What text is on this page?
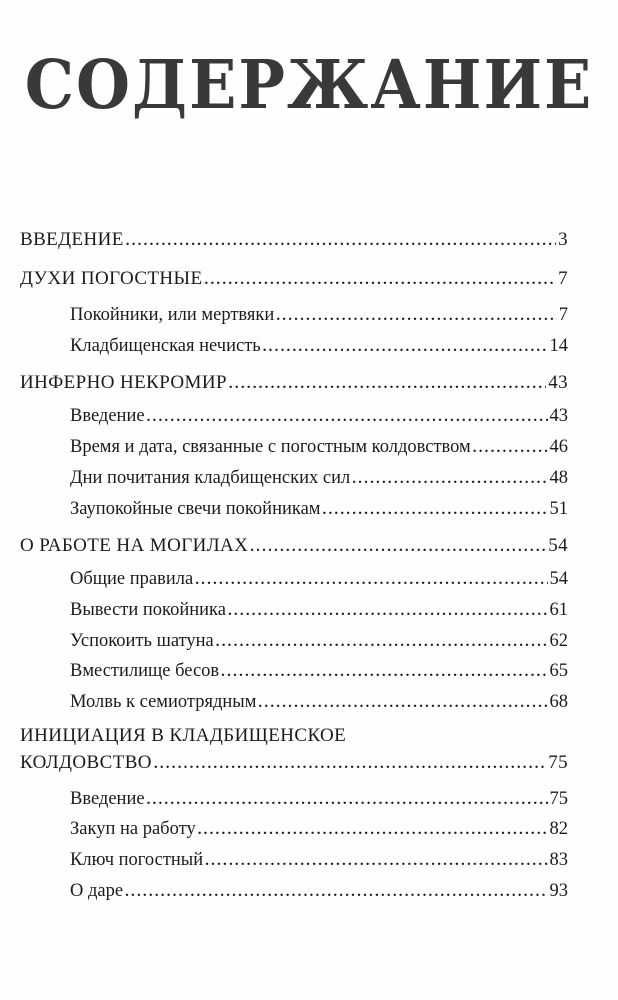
СОДЕРЖАНИЕ
ВВЕДЕНИЕ .....	3
ДУХИ ПОГОСТНЫЕ .....	7
Покойники, или мертвяки .....	7
Кладбищенская нечисть .....	14
ИНФЕРНО НЕКРОМИР .....	43
Введение .....	43
Время и дата, связанные с погостным колдовством .....	46
Дни почитания кладбищенских сил .....	48
Заупокойные свечи покойникам .....	51
О РАБОТЕ НА МОГИЛАХ .....	54
Общие правила .....	54
Вывести покойника .....	61
Успокоить шатуна .....	62
Вместилище бесов .....	65
Молвь к семиотрядным .....	68
ИНИЦИАЦИЯ В КЛАДБИЩЕНСКОЕ
КОЛДОВСТВО .....	75
Введение .....	75
Закуп на работу .....	82
Ключ погостный .....	83
О даре .....	93
